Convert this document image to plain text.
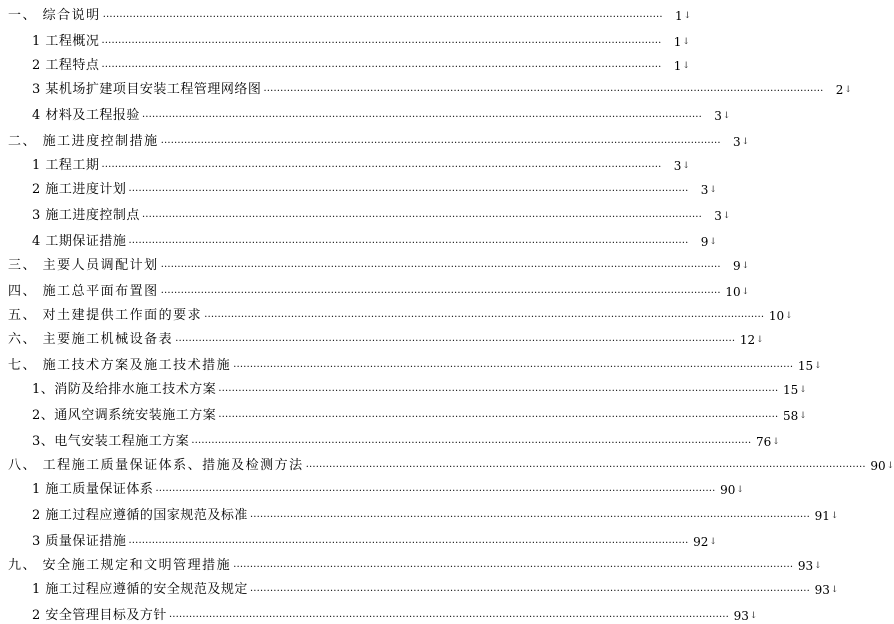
一、 综合说明 ……………………………………………………………………………………………………………………………………………………	1 ↓
1 工程概况 ……………………………………………………………………………………………………………………………………………………	1 ↓
2 工程特点 ……………………………………………………………………………………………………………………………………………………	1 ↓
3 某机场扩建项目安装工程管理网络图 ……………………………………………………………………………………………………………………………………………………	2 ↓
4 材料及工程报验 ……………………………………………………………………………………………………………………………………………………	3 ↓
二、 施工进度控制措施 ……………………………………………………………………………………………………………………………………………………	3 ↓
1 工程工期 ……………………………………………………………………………………………………………………………………………………	3 ↓
2 施工进度计划 ……………………………………………………………………………………………………………………………………………………	3 ↓
3 施工进度控制点 ……………………………………………………………………………………………………………………………………………………	3 ↓
4 工期保证措施 ……………………………………………………………………………………………………………………………………………………	9 ↓
三、 主要人员调配计划 ……………………………………………………………………………………………………………………………………………………	9 ↓
四、 施工总平面布置图 …………………………………………………………………………………………………………………………………………………… 10 ↓
五、 对土建提供工作面的要求 …………………………………………………………………………………………………………………………………………………… 10 ↓
六、 主要施工机械设备表 …………………………………………………………………………………………………………………………………………………… 12 ↓
七、 施工技术方案及施工技术措施 …………………………………………………………………………………………………………………………………………………… 15 ↓
1、消防及给排水施工技术方案 …………………………………………………………………………………………………………………………………………………… 15 ↓
2、通风空调系统安装施工方案 …………………………………………………………………………………………………………………………………………………… 58 ↓
3、电气安装工程施工方案 …………………………………………………………………………………………………………………………………………………… 76 ↓
八、 工程施工质量保证体系、措施及检测方法 …………………………………………………………………………………………………………………………………………………… 90 ↓
1 施工质量保证体系 …………………………………………………………………………………………………………………………………………………… 90 ↓
2 施工过程应遵循的国家规范及标准 …………………………………………………………………………………………………………………………………………………… 91 ↓
3 质量保证措施 …………………………………………………………………………………………………………………………………………………… 92 ↓
九、 安全施工规定和文明管理措施 …………………………………………………………………………………………………………………………………………………… 93 ↓
1 施工过程应遵循的安全规范及规定 …………………………………………………………………………………………………………………………………………………… 93 ↓
2 安全管理目标及方针 …………………………………………………………………………………………………………………………………………………… 93 ↓
